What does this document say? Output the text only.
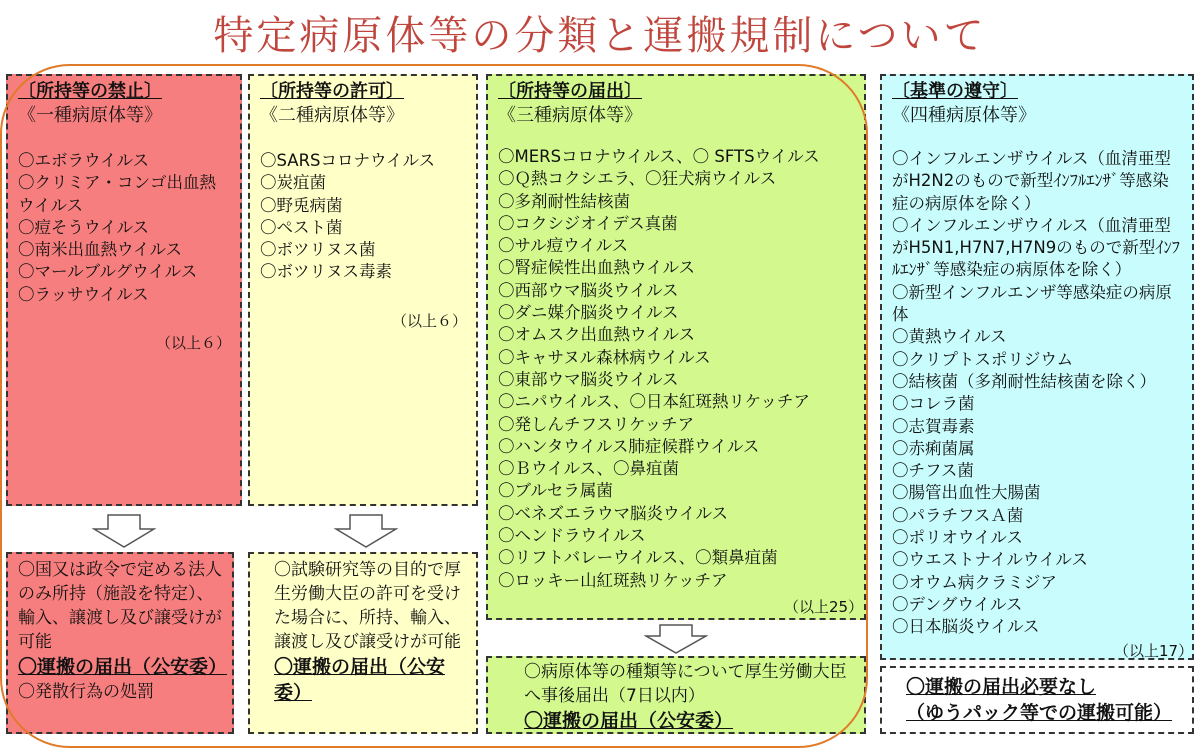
特定病原体等の分類と運搬規制について
〔所持等の禁止〕
《一種病原体等》
〇エボラウイルス
〇クリミア・コンゴ出血熱　ウイルス
〇痘そうウイルス
〇南米出血熱ウイルス
〇マールブルグウイルス
〇ラッサウイルス
（以上６）
〇国又は政令で定める法人のみ所持（施設を特定）、輸入、譲渡し及び譲受けが可能
〇運搬の届出（公安委）
〇発散行為の処罰
〔所持等の許可〕
《二種病原体等》
〇SARSコロナウイルス
〇炭疽菌
〇野兎病菌
〇ペスト菌
〇ボツリヌス菌
〇ボツリヌス毒素
（以上６）
〇試験研究等の目的で厚生労働大臣の許可を受けた場合に、所持、輸入、譲渡し及び譲受けが可能
〇運搬の届出（公安委）
〔所持等の届出〕
《三種病原体等》
〇MERSコロナウイルス、〇 SFTSウイルス
〇Ｑ熱コクシエラ、〇狂犬病ウイルス
〇多剤耐性結核菌
〇コクシジオイデス真菌
〇サル痘ウイルス
〇腎症候性出血熱ウイルス
〇西部ウマ脳炎ウイルス
〇ダニ媒介脳炎ウイルス
〇オムスク出血熱ウイルス
〇キャサヌル森林病ウイルス
〇東部ウマ脳炎ウイルス
〇ニパウイルス、〇日本紅斑熱リケッチア
〇発しんチフスリケッチア
〇ハンタウイルス肺症候群ウイルス
〇Ｂウイルス、〇鼻疽菌
〇ブルセラ属菌
〇ベネズエラウマ脳炎ウイルス
〇ヘンドラウイルス
〇リフトバレーウイルス、〇類鼻疽菌
〇ロッキー山紅斑熱リケッチア
（以上25）
〇病原体等の種類等について厚生労働大臣へ事後届出（7日以内）
〇運搬の届出（公安委）
〔基準の遵守〕
《四種病原体等》
〇インフルエンザウイルス（血清亜型がH2N2のもので新型ｲﾝﾌﾙｴﾝｻﾞ等感染症の病原体を除く）
〇インフルエンザウイルス（血清亜型がH5N1,H7N7,H7N9のもので新型ｲﾝﾌﾙｴﾝｻﾞ等感染症の病原体を除く）
〇新型インフルエンザ等感染症の病原体
〇黄熱ウイルス
〇クリプトスポリジウム
〇結核菌（多剤耐性結核菌を除く）
〇コレラ菌
〇志賀毒素
〇赤痢菌属
〇チフス菌
〇腸管出血性大腸菌
〇パラチフスＡ菌
〇ポリオウイルス
〇ウエストナイルウイルス
〇オウム病クラミジア
〇デングウイルス
〇日本脳炎ウイルス
（以上17）
〇運搬の届出必要なし
（ゆうパック等での運搬可能）
